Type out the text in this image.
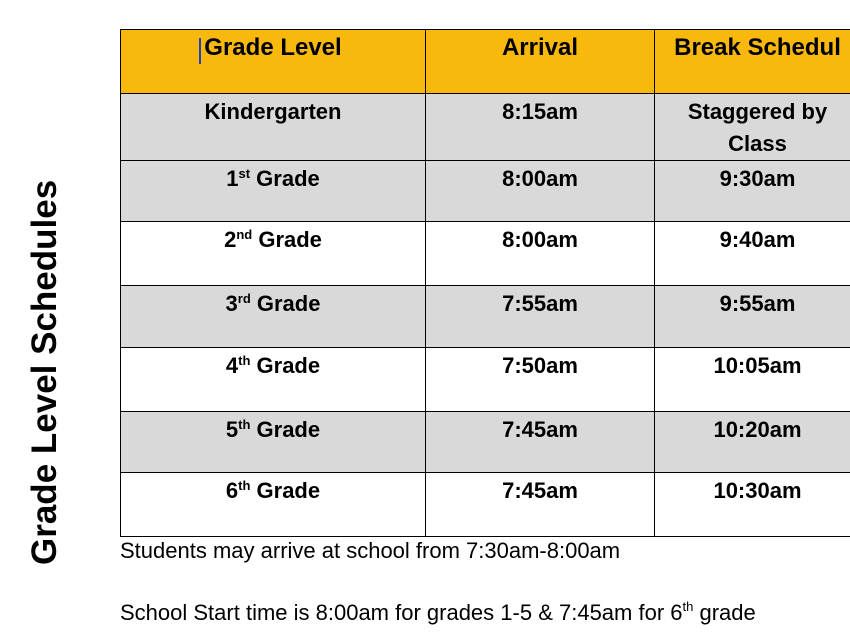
Grade Level Schedules
Grade Level	Arrival	Break Schedul
Kindergarten	8:15am	Staggered by Class
1st Grade	8:00am	9:30am
2nd Grade	8:00am	9:40am
3rd Grade	7:55am	9:55am
4th Grade	7:50am	10:05am
5th Grade	7:45am	10:20am
6th Grade	7:45am	10:30am
Students may arrive at school from 7:30am-8:00am
School Start time is 8:00am for grades 1-5 & 7:45am for 6th grade
